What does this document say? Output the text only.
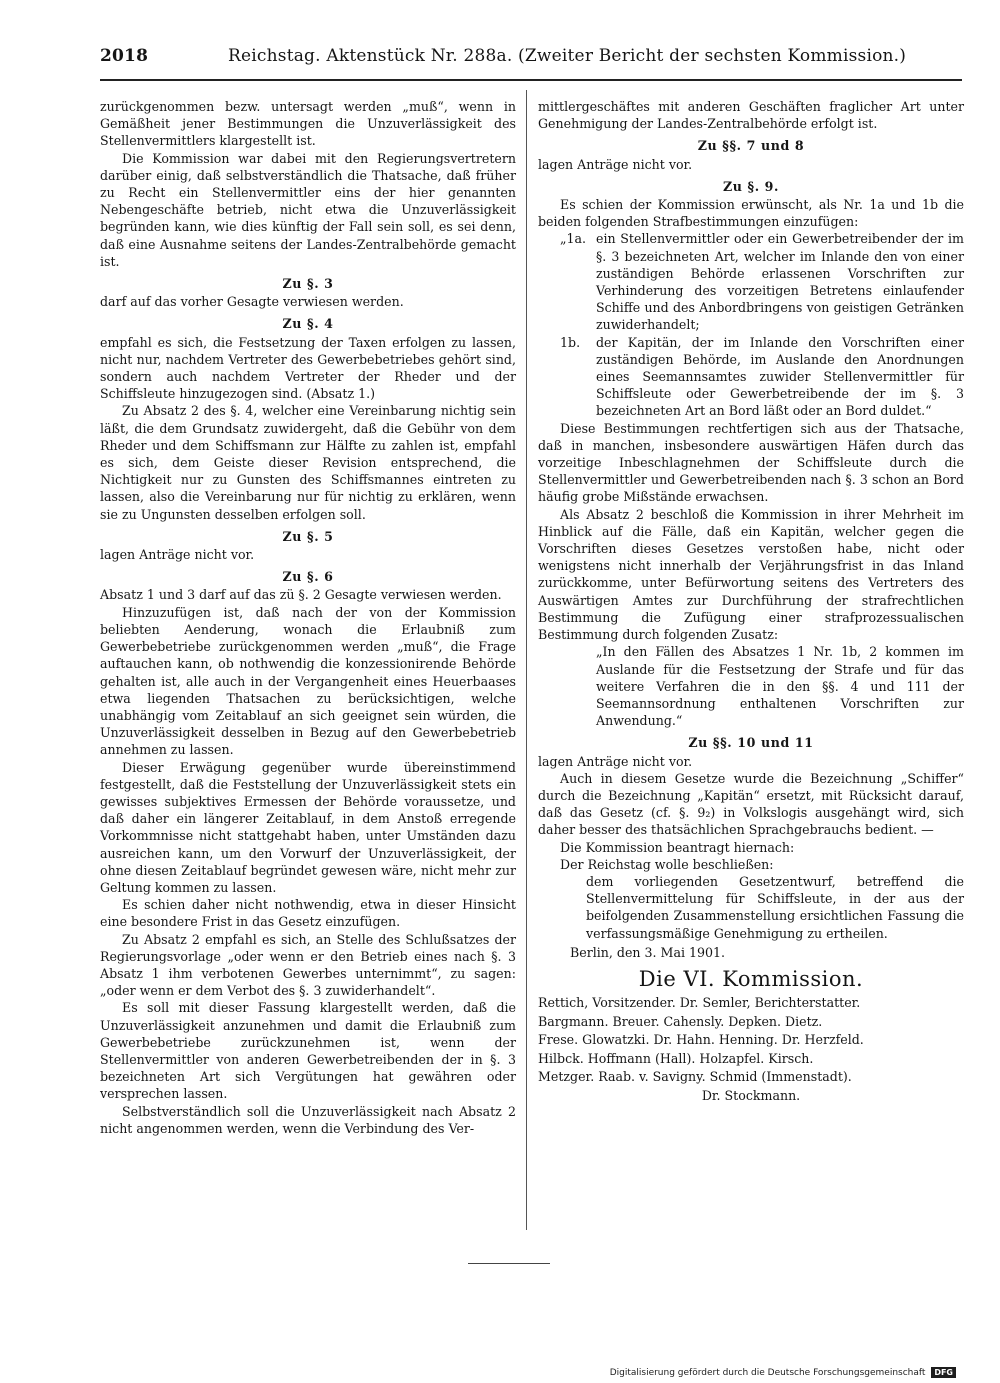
2018	Reichstag. Aktenstück Nr. 288a. (Zweiter Bericht der sechsten Kommission.)

zurückgenommen bezw. untersagt werden „muß“, wenn in Gemäßheit jener Bestimmungen die Unzuverlässigkeit des Stellenvermittlers klargestellt ist.

Die Kommission war dabei mit den Regierungsvertretern darüber einig, daß selbstverständlich die Thatsache, daß früher zu Recht ein Stellenvermittler eins der hier genannten Nebengeschäfte betrieb, nicht etwa die Unzuverlässigkeit begründen kann, wie dies künftig der Fall sein soll, es sei denn, daß eine Ausnahme seitens der Landes-Zentralbehörde gemacht ist.

Zu §. 3

darf auf das vorher Gesagte verwiesen werden.

Zu §. 4

empfahl es sich, die Festsetzung der Taxen erfolgen zu lassen, nicht nur, nachdem Vertreter des Gewerbebetriebes gehört sind, sondern auch nachdem Vertreter der Rheder und der Schiffsleute hinzugezogen sind. (Absatz 1.)

Zu Absatz 2 des §. 4, welcher eine Vereinbarung nichtig sein läßt, die dem Grundsatz zuwidergeht, daß die Gebühr von dem Rheder und dem Schiffsmann zur Hälfte zu zahlen ist, empfahl es sich, dem Geiste dieser Revision entsprechend, die Nichtigkeit nur zu Gunsten des Schiffsmannes eintreten zu lassen, also die Vereinbarung nur für nichtig zu erklären, wenn sie zu Ungunsten desselben erfolgen soll.

Zu §. 5

lagen Anträge nicht vor.

Zu §. 6

Absatz 1 und 3 darf auf das zü §. 2 Gesagte verwiesen werden.

Hinzuzufügen ist, daß nach der von der Kommission beliebten Aenderung, wonach die Erlaubniß zum Gewerbebetriebe zurückgenommen werden „muß“, die Frage auftauchen kann, ob nothwendig die konzessionirende Behörde gehalten ist, alle auch in der Vergangenheit eines Heuerbaases etwa liegenden Thatsachen zu berücksichtigen, welche unabhängig vom Zeitablauf an sich geeignet sein würden, die Unzuverlässigkeit desselben in Bezug auf den Gewerbebetrieb annehmen zu lassen.

Dieser Erwägung gegenüber wurde übereinstimmend festgestellt, daß die Feststellung der Unzuverlässigkeit stets ein gewisses subjektives Ermessen der Behörde voraussetze, und daß daher ein längerer Zeitablauf, in dem Anstoß erregende Vorkommnisse nicht stattgehabt haben, unter Umständen dazu ausreichen kann, um den Vorwurf der Unzuverlässigkeit, der ohne diesen Zeitablauf begründet gewesen wäre, nicht mehr zur Geltung kommen zu lassen.

Es schien daher nicht nothwendig, etwa in dieser Hinsicht eine besondere Frist in das Gesetz einzufügen.

Zu Absatz 2 empfahl es sich, an Stelle des Schlußsatzes der Regierungsvorlage „oder wenn er den Betrieb eines nach §. 3 Absatz 1 ihm verbotenen Gewerbes unternimmt“, zu sagen: „oder wenn er dem Verbot des §. 3 zuwiderhandelt“.

Es soll mit dieser Fassung klargestellt werden, daß die Unzuverlässigkeit anzunehmen und damit die Erlaubniß zum Gewerbebetriebe zurückzunehmen ist, wenn der Stellenvermittler von anderen Gewerbetreibenden der in §. 3 bezeichneten Art sich Vergütungen hat gewähren oder versprechen lassen.

Selbstverständlich soll die Unzuverlässigkeit nach Absatz 2 nicht angenommen werden, wenn die Verbindung des Ver-

mittlergeschäftes mit anderen Geschäften fraglicher Art unter Genehmigung der Landes-Zentralbehörde erfolgt ist.

Zu §§. 7 und 8

lagen Anträge nicht vor.

Zu §. 9.

Es schien der Kommission erwünscht, als Nr. 1a und 1b die beiden folgenden Strafbestimmungen einzufügen:

„1a. ein Stellenvermittler oder ein Gewerbetreibender der im §. 3 bezeichneten Art, welcher im Inlande den von einer zuständigen Behörde erlassenen Vorschriften zur Verhinderung des vorzeitigen Betretens einlaufender Schiffe und des Anbordbringens von geistigen Getränken zuwiderhandelt;
1b.	der Kapitän, der im Inlande den Vorschriften einer zuständigen Behörde, im Auslande den Anordnungen eines Seemannsamtes zuwider Stellenvermittler für Schiffsleute oder Gewerbetreibende der im §. 3 bezeichneten Art an Bord läßt oder an Bord duldet.“

Diese Bestimmungen rechtfertigen sich aus der Thatsache, daß in manchen, insbesondere auswärtigen Häfen durch das vorzeitige Inbeschlagnehmen der Schiffsleute durch die Stellenvermittler und Gewerbetreibenden nach §. 3 schon an Bord häufig grobe Mißstände erwachsen.

Als Absatz 2 beschloß die Kommission in ihrer Mehrheit im Hinblick auf die Fälle, daß ein Kapitän, welcher gegen die Vorschriften dieses Gesetzes verstoßen habe, nicht oder wenigstens nicht innerhalb der Verjährungsfrist in das Inland zurückkomme, unter Befürwortung seitens des Vertreters des Auswärtigen Amtes zur Durchführung der strafrechtlichen Bestimmung die Zufügung einer strafprozessualischen Bestimmung durch folgenden Zusatz:

„In den Fällen des Absatzes 1 Nr. 1b, 2 kommen im Auslande für die Festsetzung der Strafe und für das weitere Verfahren die in den §§. 4 und 111 der Seemannsordnung enthaltenen Vorschriften zur Anwendung.“

Zu §§. 10 und 11

lagen Anträge nicht vor.

Auch in diesem Gesetze wurde die Bezeichnung „Schiffer“ durch die Bezeichnung „Kapitän“ ersetzt, mit Rücksicht darauf, daß das Gesetz (cf. §. 9₂) in Volkslogis ausgehängt wird, sich daher besser des thatsächlichen Sprachgebrauchs bedient. —

Die Kommission beantragt hiernach:

Der Reichstag wolle beschließen:

dem vorliegenden Gesetzentwurf, betreffend die Stellenvermittelung für Schiffsleute, in der aus der beifolgenden Zusammenstellung ersichtlichen Fassung die verfassungsmäßige Genehmigung zu ertheilen.

Berlin, den 3. Mai 1901.

Die VI. Kommission.
Rettich, Vorsitzender. Dr. Semler, Berichterstatter.
Bargmann. Breuer. Cahensly. Depken. Dietz.
Frese. Glowatzki. Dr. Hahn. Henning. Dr. Herzfeld.
Hilbck. Hoffmann (Hall). Holzapfel. Kirsch.
Metzger. Raab. v. Savigny. Schmid (Immenstadt).
Dr. Stockmann.
Digitalisierung gefördert durch die Deutsche Forschungsgemeinschaft DFG
